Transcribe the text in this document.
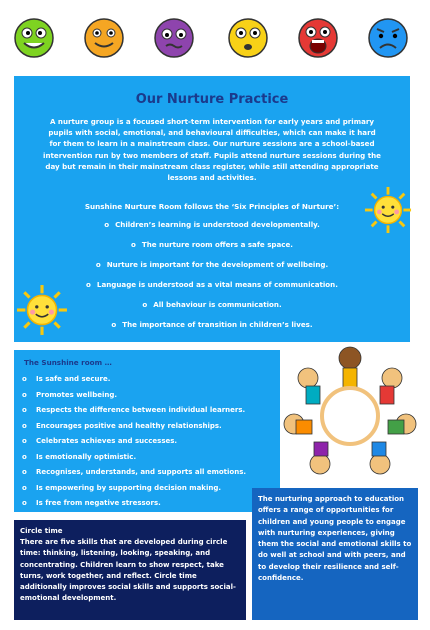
Our Nurture Practice
A nurture group is a focused short-term intervention for early years and primary pupils with social, emotional, and behavioural difficulties, which can make it hard for them to learn in a mainstream class. Our nurture sessions are a school-based intervention run by two members of staff. Pupils attend nurture sessions during the day but remain in their mainstream class register, while still attending appropriate lessons and activities.
Sunshine Nurture Room follows the ‘Six Principles of Nurture’:
o Children’s learning is understood developmentally.
o The nurture room offers a safe space.
o Nurture is important for the development of wellbeing.
o Language is understood as a vital means of communication.
o All behaviour is communication.
o The importance of transition in children’s lives.
The Sunshine room …
o Is safe and secure.
o Promotes wellbeing.
o Respects the difference between individual learners.
o Encourages positive and healthy relationships.
o Celebrates achieves and successes.
o Is emotionally optimistic.
o Recognises, understands, and supports all emotions.
o Is empowering by supporting decision making.
o Is free from negative stressors.	The nurturing approach to education offers a range of opportunities for children and young people to engage with nurturing experiences, giving them the social and emotional skills to do well at school and with peers, and to develop their resilience and self-confidence.
Circle time
There are five skills that are developed during circle time: thinking, listening, looking, speaking, and concentrating. Children learn to show respect, take turns, work together, and reflect. Circle time additionally improves social skills and supports social-emotional development.
